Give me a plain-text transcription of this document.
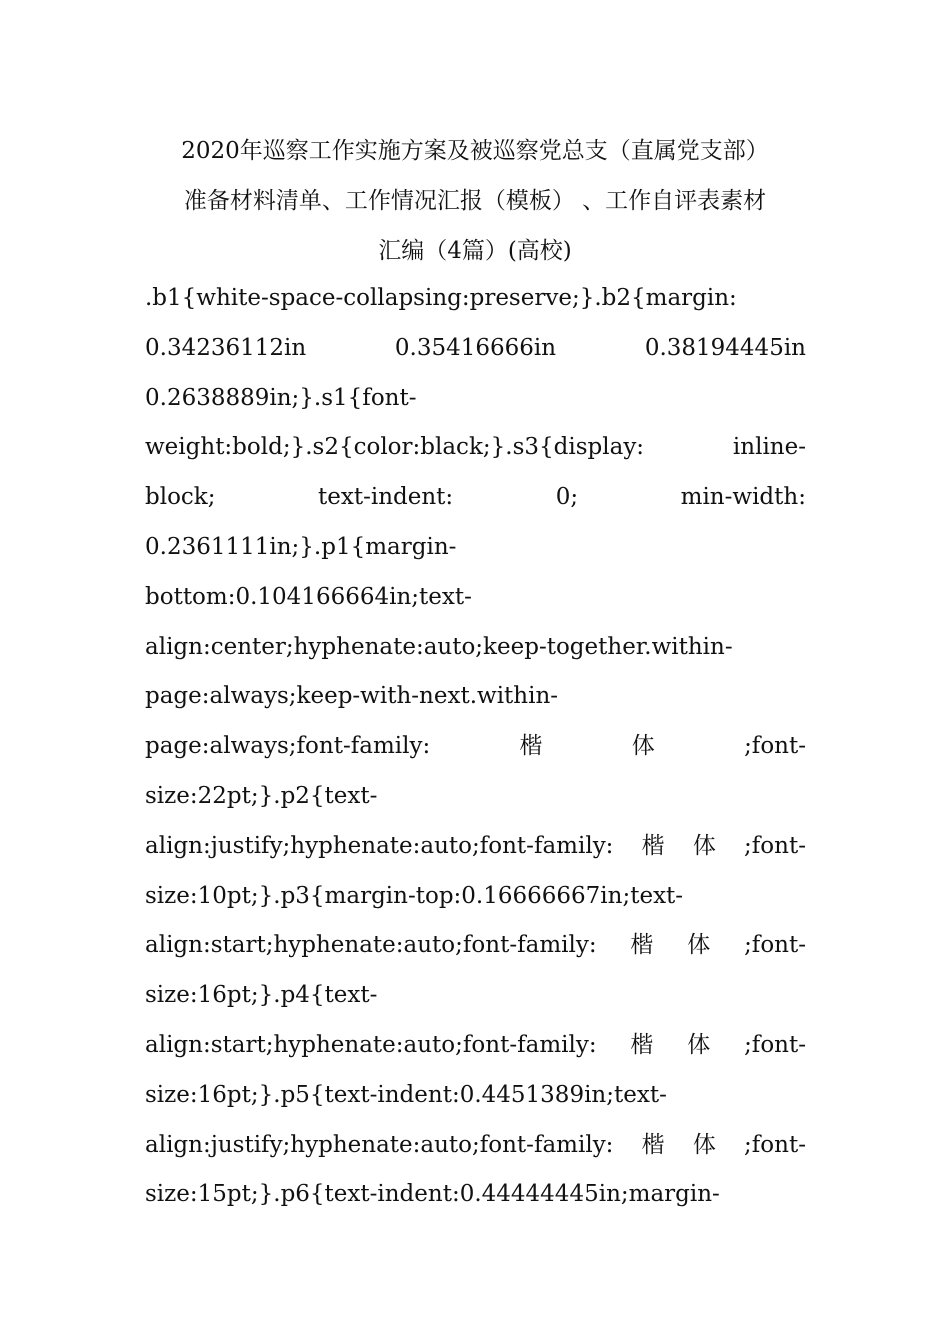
2020年巡察工作实施方案及被巡察党总支（直属党支部）
准备材料清单、工作情况汇报（模板） 、工作自评表素材
汇编（4篇）(高校)
.b1{white-space-collapsing:preserve;}.b2{margin:
0.34236112in	0.35416666in	0.38194445in
0.2638889in;}.s1{font-
weight:bold;}.s2{color:black;}.s3{display:	inline-
block;	text-indent:	0;	min-width:
0.2361111in;}.p1{margin-
bottom:0.104166664in;text-
align:center;hyphenate:auto;keep-together.within-
page:always;keep-with-next.within-
page:always;font-family:	楷	体	;font-
size:22pt;}.p2{text-
align:justify;hyphenate:auto;font-family: 楷 体 ;font-
size:10pt;}.p3{margin-top:0.16666667in;text-
align:start;hyphenate:auto;font-family: 楷 体 ;font-
size:16pt;}.p4{text-
align:start;hyphenate:auto;font-family: 楷 体 ;font-
size:16pt;}.p5{text-indent:0.4451389in;text-
align:justify;hyphenate:auto;font-family: 楷 体 ;font-
size:15pt;}.p6{text-indent:0.44444445in;margin-
